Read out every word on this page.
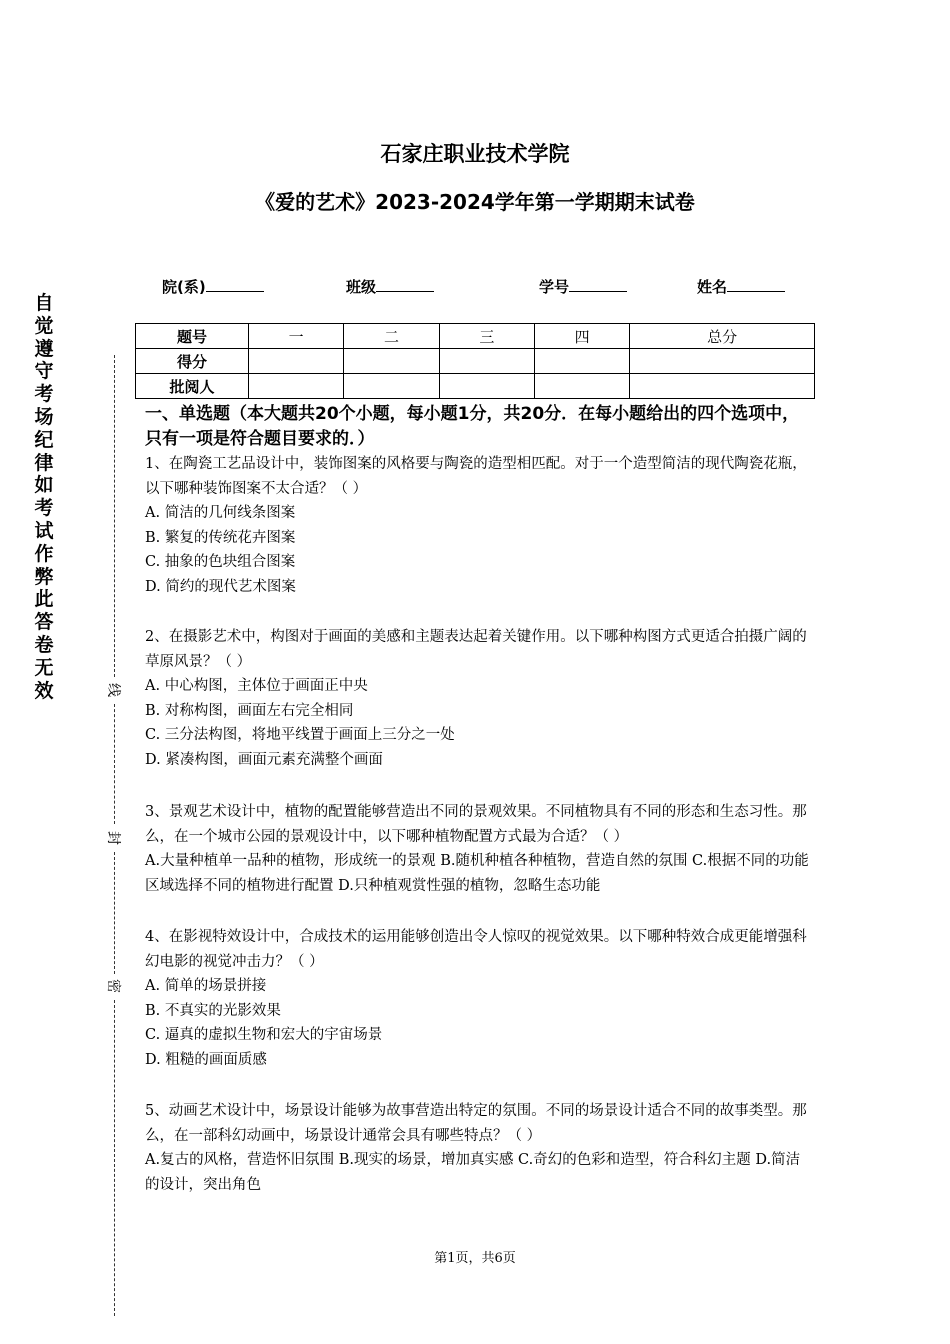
石家庄职业技术学院
《爱的艺术》2023-2024学年第一学期期末试卷
院(系)	班级	学号	姓名
题号	一	二	三	四	总分
得分					
批阅人					
自
觉
遵
守
考
场
纪
律
如
考
试
作
弊
此
答
卷
无
效	线
封
密
一、单选题（本大题共20个小题，每小题1分，共20分．在每小题给出的四个选项中，只有一项是符合题目要求的．）

1、在陶瓷工艺品设计中，装饰图案的风格要与陶瓷的造型相匹配。对于一个造型简洁的现代陶瓷花瓶，以下哪种装饰图案不太合适？（ ）

A. 简洁的几何线条图案

B. 繁复的传统花卉图案

C. 抽象的色块组合图案

D. 简约的现代艺术图案

2、在摄影艺术中，构图对于画面的美感和主题表达起着关键作用。以下哪种构图方式更适合拍摄广阔的草原风景？（ ）

A. 中心构图，主体位于画面正中央

B. 对称构图，画面左右完全相同

C. 三分法构图，将地平线置于画面上三分之一处

D. 紧凑构图，画面元素充满整个画面

3、景观艺术设计中，植物的配置能够营造出不同的景观效果。不同植物具有不同的形态和生态习性。那么，在一个城市公园的景观设计中，以下哪种植物配置方式最为合适？（ ）

A.大量种植单一品种的植物，形成统一的景观 B.随机种植各种植物，营造自然的氛围 C.根据不同的功能区域选择不同的植物进行配置 D.只种植观赏性强的植物，忽略生态功能

4、在影视特效设计中，合成技术的运用能够创造出令人惊叹的视觉效果。以下哪种特效合成更能增强科幻电影的视觉冲击力？（ ）

A. 简单的场景拼接

B. 不真实的光影效果

C. 逼真的虚拟生物和宏大的宇宙场景

D. 粗糙的画面质感

5、动画艺术设计中，场景设计能够为故事营造出特定的氛围。不同的场景设计适合不同的故事类型。那么，在一部科幻动画中，场景设计通常会具有哪些特点？（ ）

A.复古的风格，营造怀旧氛围 B.现实的场景，增加真实感 C.奇幻的色彩和造型，符合科幻主题 D.简洁的设计，突出角色

第1页，共6页
